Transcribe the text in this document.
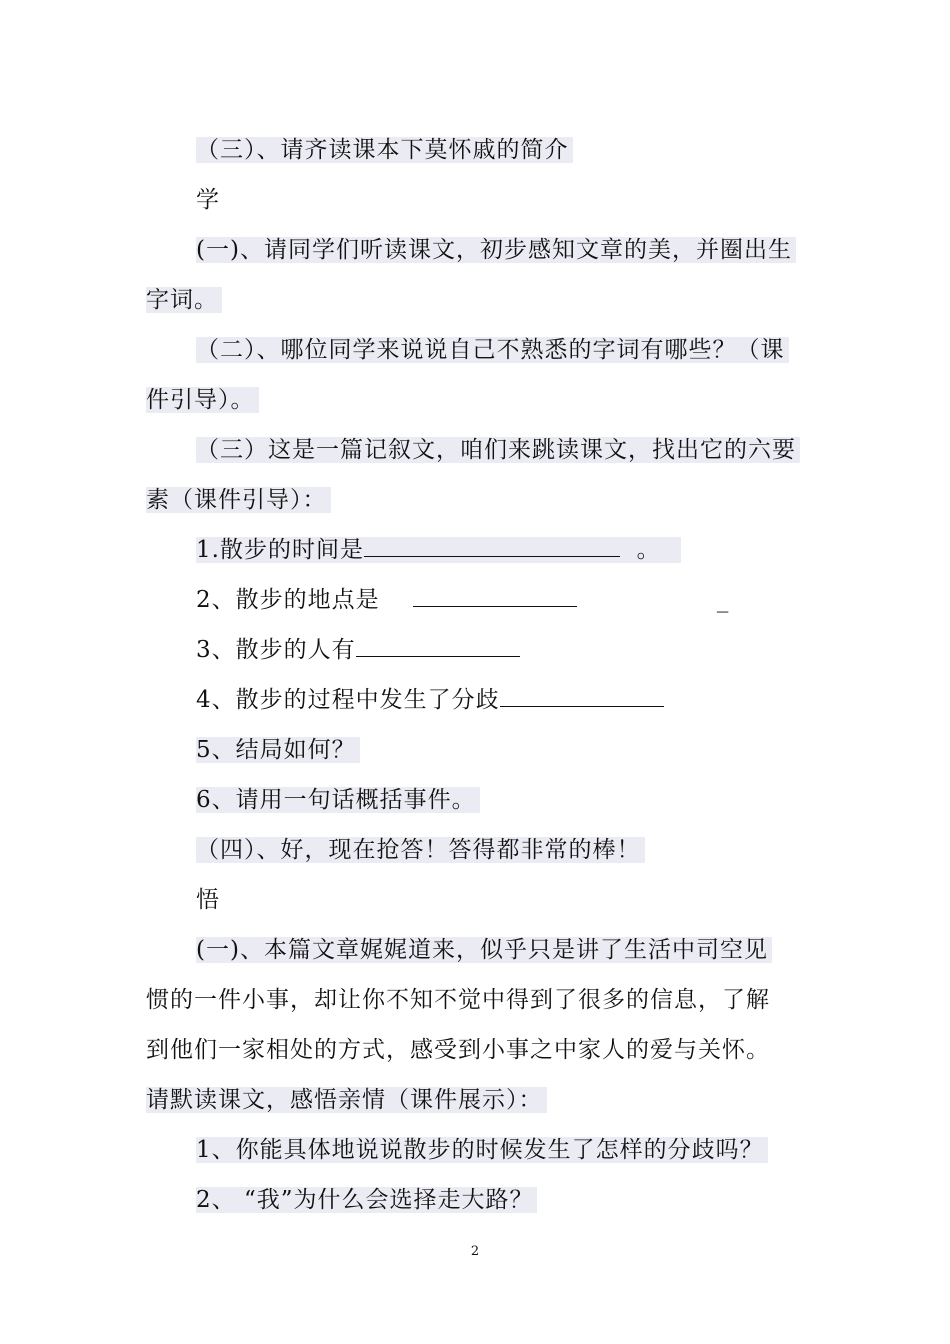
（三）、请齐读课本下莫怀戚的简介
学
(一)、请同学们听读课文，初步感知文章的美，并圈出生
字词。
（二）、哪位同学来说说自己不熟悉的字词有哪些？（课
件引导）。
（三）这是一篇记叙文，咱们来跳读课文，找出它的六要
素（课件引导）：
1.散步的时间是	。
2、散步的地点是	_
3、散步的人有
4、散步的过程中发生了分歧
5、结局如何？
6、请用一句话概括事件。
（四）、好，现在抢答！答得都非常的棒！
悟
(一)、本篇文章娓娓道来，似乎只是讲了生活中司空见
惯的一件小事，却让你不知不觉中得到了很多的信息，了解
到他们一家相处的方式，感受到小事之中家人的爱与关怀。
请默读课文，感悟亲情（课件展示）：
1、你能具体地说说散步的时候发生了怎样的分歧吗？
2、 “我”为什么会选择走大路？
2
